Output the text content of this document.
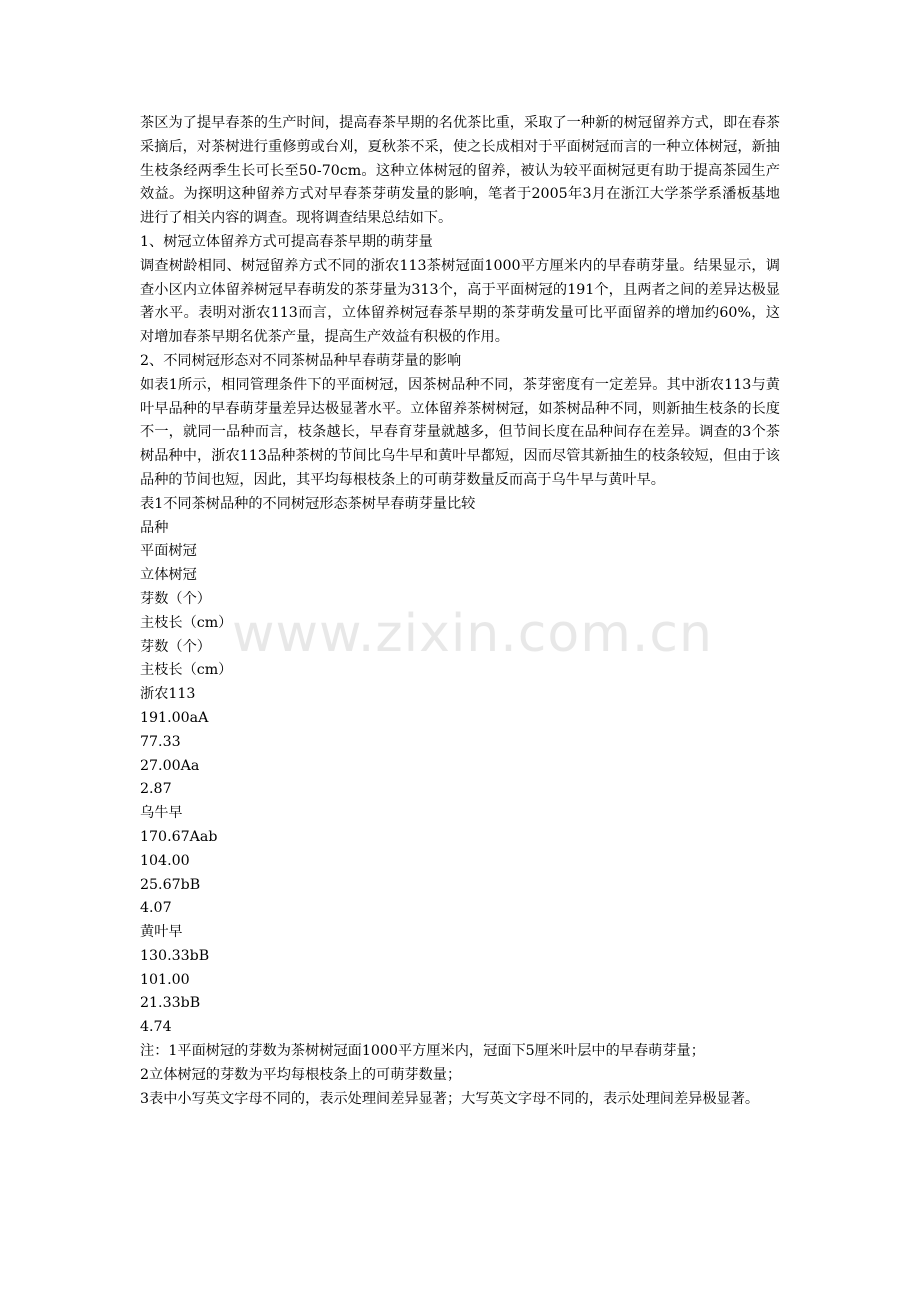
茶区为了提早春茶的生产时间，提高春茶早期的名优茶比重，采取了一种新的树冠留养方式，即在春茶采摘后，对茶树进行重修剪或台刈，夏秋茶不采，使之长成相对于平面树冠而言的一种立体树冠，新抽生枝条经两季生长可长至50-70cm。这种立体树冠的留养，被认为较平面树冠更有助于提高茶园生产效益。为探明这种留养方式对早春茶芽萌发量的影响，笔者于2005年3月在浙江大学茶学系潘板基地进行了相关内容的调查。现将调查结果总结如下。

1、树冠立体留养方式可提高春茶早期的萌芽量

调查树龄相同、树冠留养方式不同的浙农113茶树冠面1000平方厘米内的早春萌芽量。结果显示，调查小区内立体留养树冠早春萌发的茶芽量为313个，高于平面树冠的191个，且两者之间的差异达极显著水平。表明对浙农113而言，立体留养树冠春茶早期的茶芽萌发量可比平面留养的增加约60%，这对增加春茶早期名优茶产量，提高生产效益有积极的作用。

2、不同树冠形态对不同茶树品种早春萌芽量的影响

如表1所示，相同管理条件下的平面树冠，因茶树品种不同，茶芽密度有一定差异。其中浙农113与黄叶早品种的早春萌芽量差异达极显著水平。立体留养茶树树冠，如茶树品种不同，则新抽生枝条的长度不一，就同一品种而言，枝条越长，早春育芽量就越多，但节间长度在品种间存在差异。调查的3个茶树品种中，浙农113品种茶树的节间比乌牛早和黄叶早都短，因而尽管其新抽生的枝条较短，但由于该品种的节间也短，因此，其平均每根枝条上的可萌芽数量反而高于乌牛早与黄叶早。

表1不同茶树品种的不同树冠形态茶树早春萌芽量比较

品种

平面树冠

立体树冠

芽数（个）

主枝长（cm）

芽数（个）

主枝长（cm）

浙农113

191.00aA

77.33

27.00Aa

2.87

乌牛早

170.67Aab

104.00

25.67bB

4.07

黄叶早

130.33bB

101.00

21.33bB

4.74

注：1平面树冠的芽数为茶树树冠面1000平方厘米内，冠面下5厘米叶层中的早春萌芽量；

2立体树冠的芽数为平均每根枝条上的可萌芽数量；

3表中小写英文字母不同的，表示处理间差异显著；大写英文字母不同的，表示处理间差异极显著。

www.zixin.com.cn
